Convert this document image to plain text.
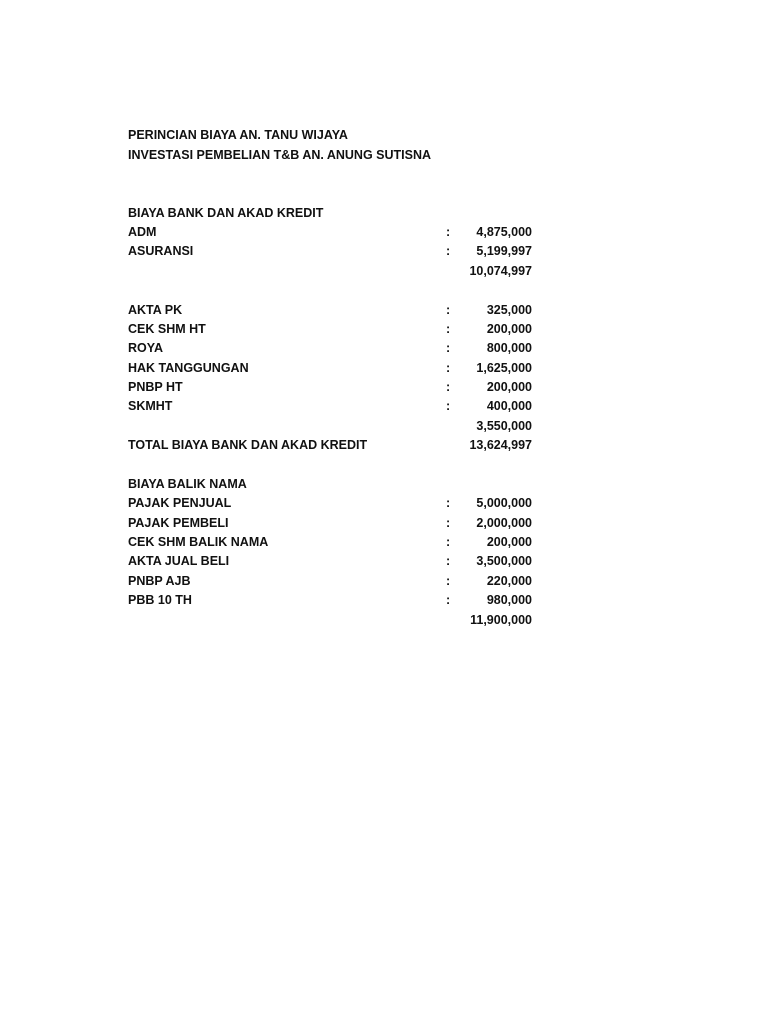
PERINCIAN BIAYA AN. TANU WIJAYA
INVESTASI PEMBELIAN T&B AN. ANUNG SUTISNA
BIAYA BANK DAN AKAD KREDIT
ADM	: 4,875,000
ASURANSI	: 5,199,997
10,074,997
AKTA PK	:	325,000
CEK SHM HT	:	200,000
ROYA	:	800,000
HAK TANGGUNGAN	: 1,625,000
PNBP HT	:	200,000
SKMHT	:	400,000
3,550,000
TOTAL BIAYA BANK DAN AKAD KREDIT	13,624,997
BIAYA BALIK NAMA
PAJAK PENJUAL	: 5,000,000
PAJAK PEMBELI	: 2,000,000
CEK SHM BALIK NAMA	:	200,000
AKTA JUAL BELI	: 3,500,000
PNBP AJB	:	220,000
PBB 10 TH	:	980,000
11,900,000
